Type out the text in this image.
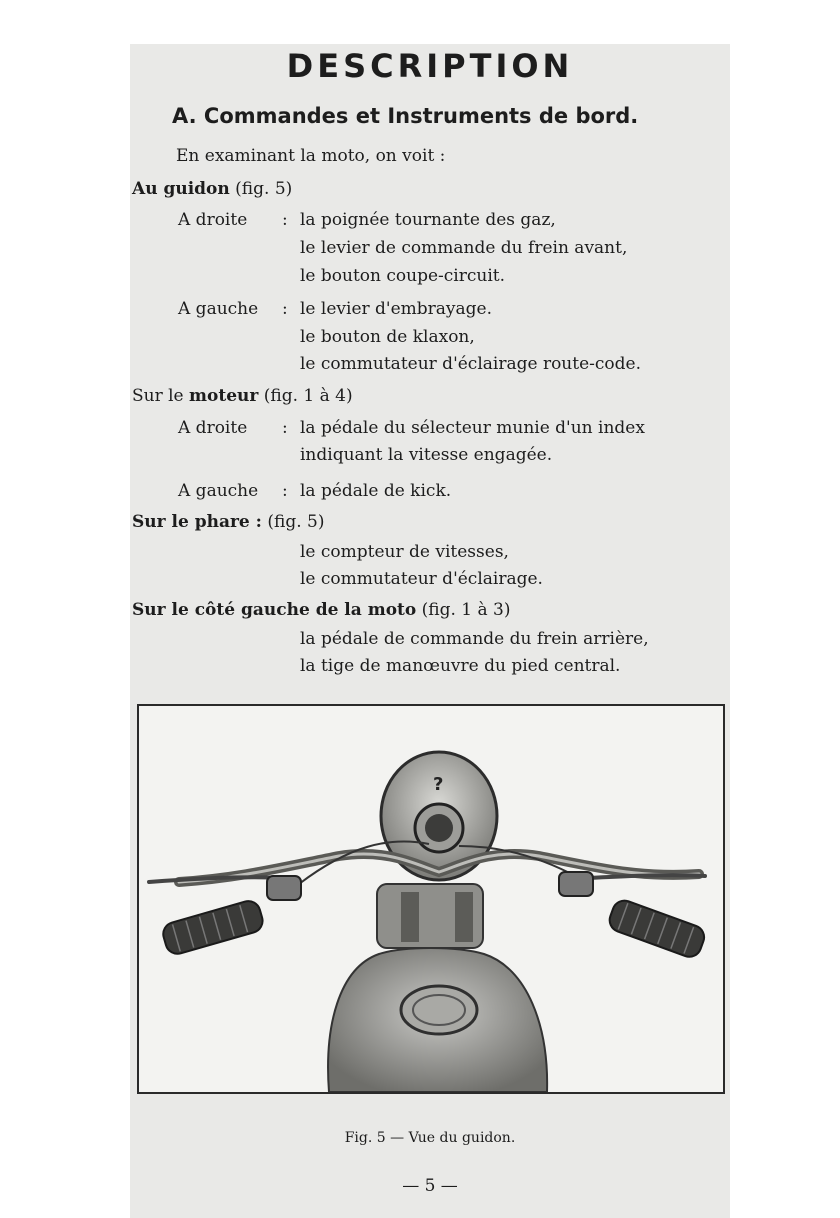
DESCRIPTION
A. Commandes et Instruments de bord.
En examinant la moto, on voit :
Au guidon (fig. 5)
A droite : la poignée tournante des gaz,
le levier de commande du frein avant,
le bouton coupe-circuit.
A gauche : le levier d'embrayage.
le bouton de klaxon,
le commutateur d'éclairage route-code.
Sur le moteur (fig. 1 à 4)
A droite : la pédale du sélecteur munie d'un index
indiquant la vitesse engagée.
A gauche : la pédale de kick.
Sur le phare : (fig. 5)
le compteur de vitesses,
le commutateur d'éclairage.
Sur le côté gauche de la moto (fig. 1 à 3)
la pédale de commande du frein arrière,
la tige de manœuvre du pied central.
?
Fig. 5 — Vue du guidon.
— 5 —
